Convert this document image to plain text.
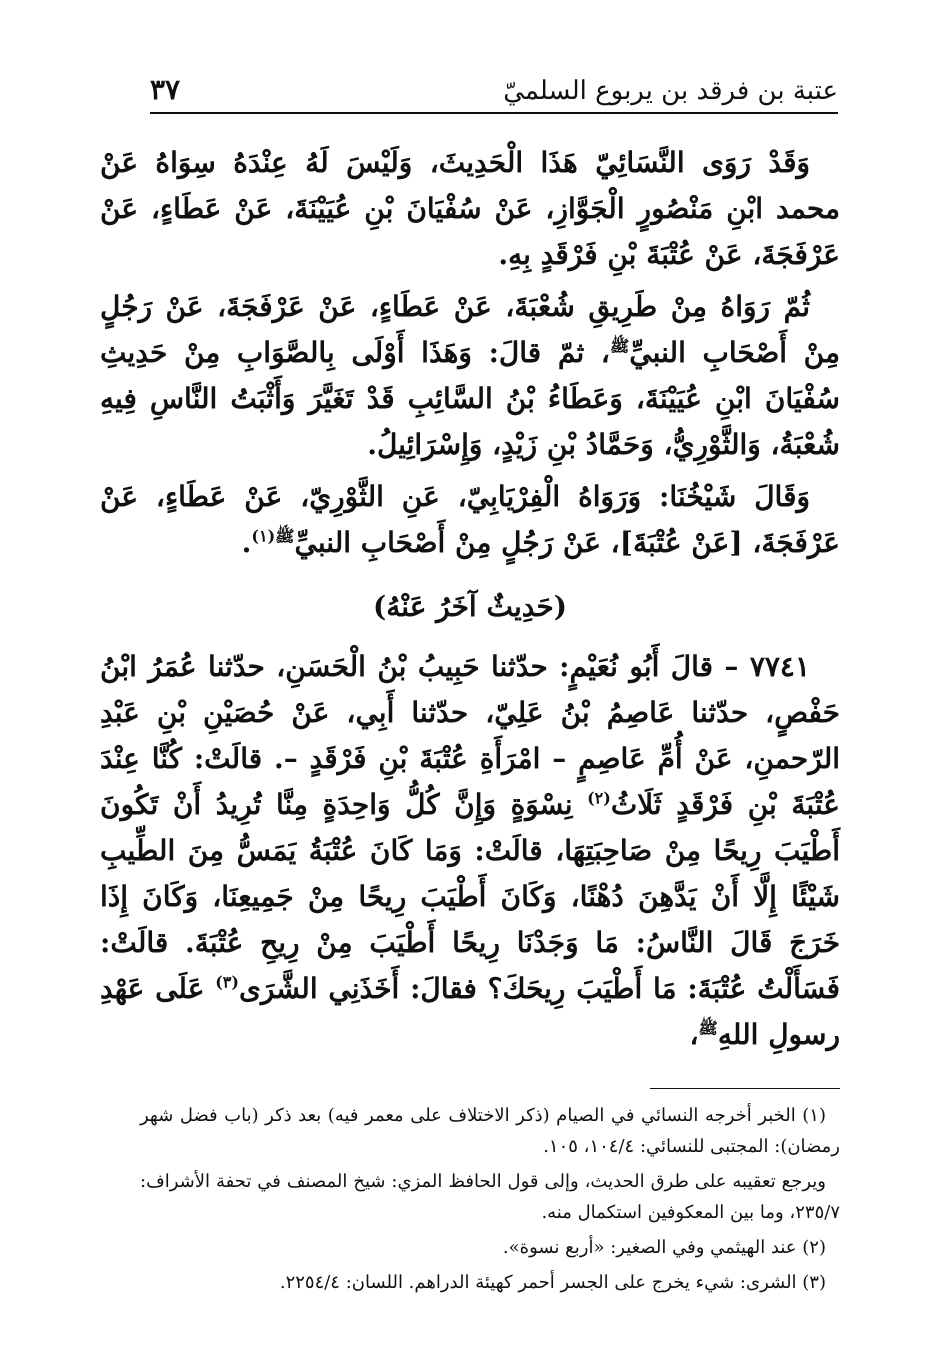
عتبة بن فرقد بن يربوع السلميّ
٣٧

وَقَدْ رَوَى النَّسَائِيّ هَذَا الْحَدِيثَ، وَلَيْسَ لَهُ عِنْدَهُ سِوَاهُ عَنْ محمد ابْنِ مَنْصُورٍ الْجَوَّازِ، عَنْ سُفْيَانَ بْنِ عُيَيْنَةَ، عَنْ عَطَاءٍ، عَنْ عَرْفَجَةَ، عَنْ عُتْبَةَ بْنِ فَرْقَدٍ بِهِ.

ثُمّ رَوَاهُ مِنْ طَرِيقِ شُعْبَةَ، عَنْ عَطَاءٍ، عَنْ عَرْفَجَةَ، عَنْ رَجُلٍ مِنْ أَصْحَابِ النبيِّ$^ﷺ$، ثمّ قالَ: وَهَذَا أَوْلَى بِالصَّوَابِ مِنْ حَدِيثِ سُفْيَانَ ابْنِ عُيَيْنَةَ، وَعَطَاءُ بْنُ السَّائِبِ قَدْ تَغَيَّرَ وَأَثْبَتُ النَّاسِ فِيهِ شُعْبَةُ، وَالثَّوْرِيُّ، وَحَمَّادُ بْنِ زَيْدٍ، وَإِسْرَائِيلُ.

وَقَالَ شَيْخُنَا: وَرَوَاهُ الْفِرْيَابِيّ، عَنِ الثَّوْرِيّ، عَنْ عَطَاءٍ، عَنْ عَرْفَجَةَ، [عَنْ عُتْبَةَ]، عَنْ رَجُلٍ مِنْ أَصْحَابِ النبيِّ$^{ﷺ(١)}$.

(حَدِيثٌ آخَرُ عَنْهُ)

٧٧٤١ – قالَ أَبُو نُعَيْمٍ: حدّثنا حَبِيبُ بْنُ الْحَسَنِ، حدّثنا عُمَرُ ابْنُ حَفْصٍ، حدّثنا عَاصِمُ بْنُ عَلِيّ، حدّثنا أَبِي، عَنْ حُصَيْنِ بْنِ عَبْدِ الرّحمنِ، عَنْ أُمِّ عَاصِمٍ – امْرَأَةِ عُتْبَةَ بْنِ فَرْقَدٍ –. قالَتْ: كُنَّا عِنْدَ عُتْبَةَ بْنِ فَرْقَدٍ ثَلَاثُ$^{(٢)}$ نِسْوَةٍ وَإِنَّ كُلُّ وَاحِدَةٍ مِنَّا تُرِيدُ أَنْ تَكُونَ أَطْيَبَ رِيحًا مِنْ صَاحِبَتِهَا، قالَتْ: وَمَا كَانَ عُتْبَةُ يَمَسُّ مِنَ الطِّيبِ شَيْئًا إِلَّا أَنْ يَدَّهِنَ دُهْنًا، وَكَانَ أَطْيَبَ رِيحًا مِنْ جَمِيعِنَا، وَكَانَ إِذَا خَرَجَ قَالَ النَّاسُ: مَا وَجَدْنَا رِيحًا أَطْيَبَ مِنْ رِيحِ عُتْبَةَ. قالَتْ: فَسَأَلْتُ عُتْبَةَ: مَا أَطْيَبَ رِيحَكَ؟ فقالَ: أَخَذَنِي الشَّرَى$^{(٣)}$ عَلَى عَهْدِ رسولِ اللهِ$^ﷺ$،

(١) الخبر أخرجه النسائي في الصيام (ذكر الاختلاف على معمر فيه) بعد ذكر (باب فضل شهر رمضان): المجتبى للنسائي: ١٠٤/٤، ١٠٥.

ويرجع تعقيبه على طرق الحديث، وإلى قول الحافظ المزي: شيخ المصنف في تحفة الأشراف: ٢٣٥/٧، وما بين المعكوفين استكمال منه.

(٢) عند الهيثمي وفي الصغير: «أربع نسوة».

(٣) الشرى: شيء يخرج على الجسر أحمر كهيئة الدراهم. اللسان: ٢٢٥٤/٤.
